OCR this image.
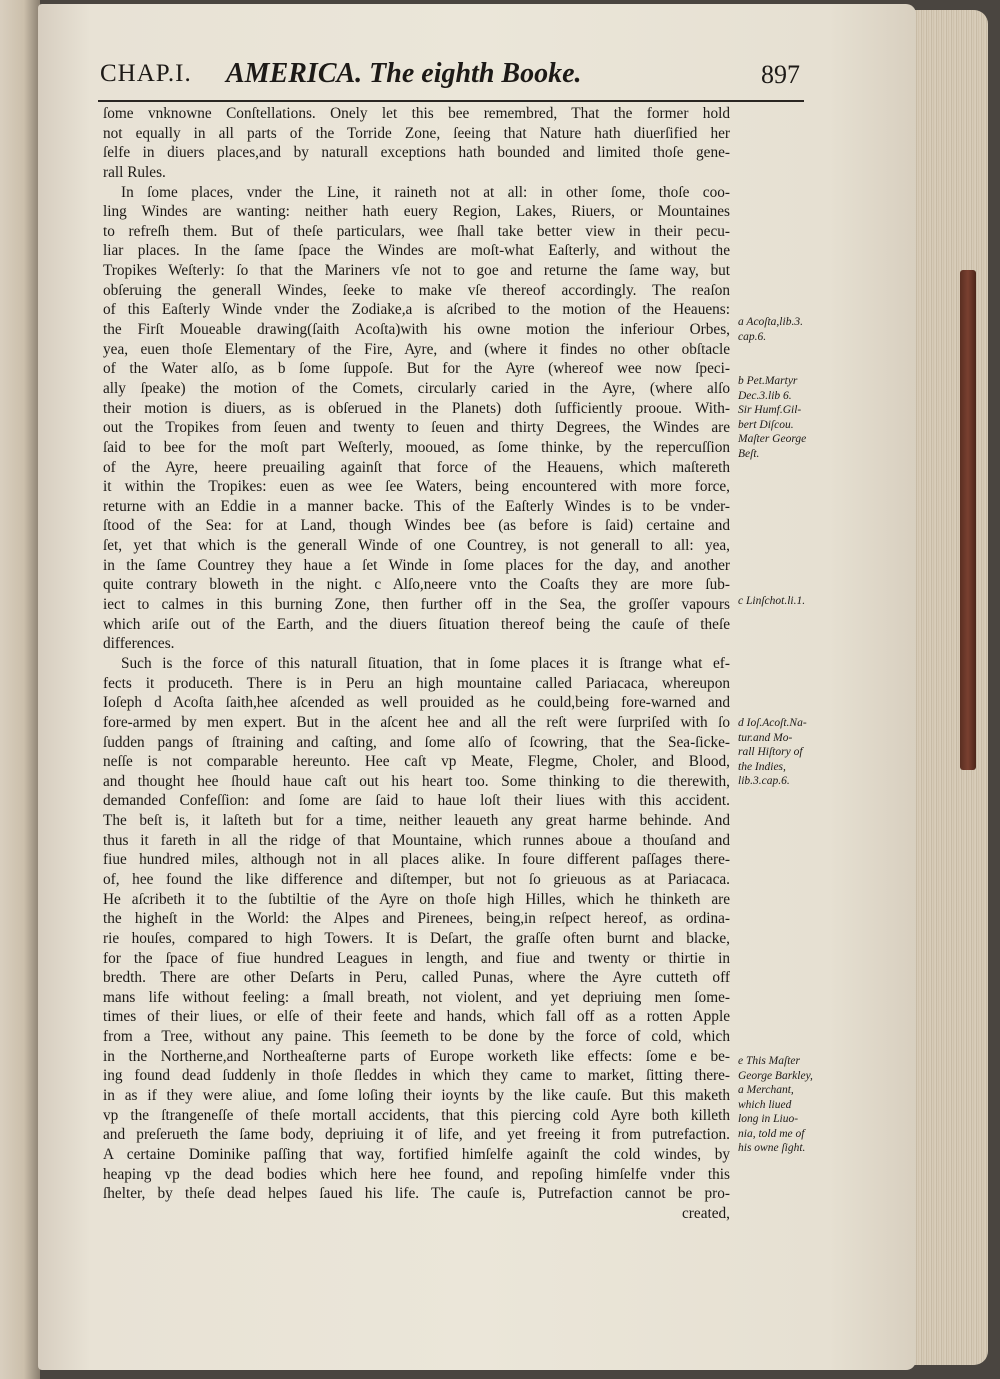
CHAP.I. AMERICA. The eighth Booke.	897
ſome vnknowne Conſtellations. Onely let this bee remembred, That the former hold
not equally in all parts of the Torride Zone, ſeeing that Nature hath diuerſified her
ſelfe in diuers places,and by naturall exceptions hath bounded and limited thoſe gene-
rall Rules.
In ſome places, vnder the Line, it raineth not at all: in other ſome, thoſe coo-
ling Windes are wanting: neither hath euery Region, Lakes, Riuers, or Mountaines
to refreſh them. But of theſe particulars, wee ſhall take better view in their pecu-
liar places. In the ſame ſpace the Windes are moſt-what Eaſterly, and without the
Tropikes Weſterly: ſo that the Mariners vſe not to goe and returne the ſame way, but
obſeruing the generall Windes, ſeeke to make vſe thereof accordingly. The reaſon
of this Eaſterly Winde vnder the Zodiake,a is aſcribed to the motion of the Heauens:
the Firſt Moueable drawing(ſaith Acoſta)with his owne motion the inferiour Orbes,
yea, euen thoſe Elementary of the Fire, Ayre, and (where it findes no other obſtacle
of the Water alſo, as b ſome ſuppoſe. But for the Ayre (whereof wee now ſpeci-
ally ſpeake) the motion of the Comets, circularly caried in the Ayre, (where alſo
their motion is diuers, as is obſerued in the Planets) doth ſufficiently prooue. With-
out the Tropikes from ſeuen and twenty to ſeuen and thirty Degrees, the Windes are
ſaid to bee for the moſt part Weſterly, mooued, as ſome thinke, by the repercuſſion
of the Ayre, heere preuailing againſt that force of the Heauens, which maſtereth
it within the Tropikes: euen as wee ſee Waters, being encountered with more force,
returne with an Eddie in a manner backe. This of the Eaſterly Windes is to be vnder-
ſtood of the Sea: for at Land, though Windes bee (as before is ſaid) certaine and
ſet, yet that which is the generall Winde of one Countrey, is not generall to all: yea,
in the ſame Countrey they haue a ſet Winde in ſome places for the day, and another
quite contrary bloweth in the night. c Alſo,neere vnto the Coaſts they are more ſub-
iect to calmes in this burning Zone, then further off in the Sea, the groſſer vapours
which ariſe out of the Earth, and the diuers ſituation thereof being the cauſe of theſe
differences.
Such is the force of this naturall ſituation, that in ſome places it is ſtrange what ef-
fects it produceth. There is in Peru an high mountaine called Pariacaca, whereupon
Ioſeph d Acoſta ſaith,hee aſcended as well prouided as he could,being fore-warned and
fore-armed by men expert. But in the aſcent hee and all the reſt were ſurpriſed with ſo
ſudden pangs of ſtraining and caſting, and ſome alſo of ſcowring, that the Sea-ſicke-
neſſe is not comparable hereunto. Hee caſt vp Meate, Flegme, Choler, and Blood,
and thought hee ſhould haue caſt out his heart too. Some thinking to die therewith,
demanded Confeſſion: and ſome are ſaid to haue loſt their liues with this accident.
The beſt is, it laſteth but for a time, neither leaueth any great harme behinde. And
thus it fareth in all the ridge of that Mountaine, which runnes aboue a thouſand and
fiue hundred miles, although not in all places alike. In foure different paſſages there-
of, hee found the like difference and diſtemper, but not ſo grieuous as at Pariacaca.
He aſcribeth it to the ſubtiltie of the Ayre on thoſe high Hilles, which he thinketh are
the higheſt in the World: the Alpes and Pirenees, being,in reſpect hereof, as ordina-
rie houſes, compared to high Towers. It is Deſart, the graſſe often burnt and blacke,
for the ſpace of fiue hundred Leagues in length, and fiue and twenty or thirtie in
bredth. There are other Deſarts in Peru, called Punas, where the Ayre cutteth off
mans life without feeling: a ſmall breath, not violent, and yet depriuing men ſome-
times of their liues, or elſe of their feete and hands, which fall off as a rotten Apple
from a Tree, without any paine. This ſeemeth to be done by the force of cold, which
in the Northerne,and Northeaſterne parts of Europe worketh like effects: ſome e be-
ing found dead ſuddenly in thoſe ſleddes in which they came to market, ſitting there-
in as if they were aliue, and ſome loſing their ioynts by the like cauſe. But this maketh
vp the ſtrangeneſſe of theſe mortall accidents, that this piercing cold Ayre both killeth
and preſerueth the ſame body, depriuing it of life, and yet freeing it from putrefaction.
A certaine Dominike paſſing that way, fortified himſelfe againſt the cold windes, by
heaping vp the dead bodies which here hee found, and repoſing himſelfe vnder this
ſhelter, by theſe dead helpes ſaued his life. The cauſe is, Putrefaction cannot be pro-
created,
a Acoſta,lib.3.
cap.6.
b Pet.Martyr
Dec.3.lib 6.
Sir Humf.Gil-
bert Diſcou.
Maſter George
Beſt.
c Linſchot.li.1.
d Ioſ.Acoſt.Na-
tur.and Mo-
rall Hiſtory of
the Indies,
lib.3.cap.6.
e This Maſter
George Barkley,
a Merchant,
which liued
long in Liuo-
nia, told me of
his owne ſight.
